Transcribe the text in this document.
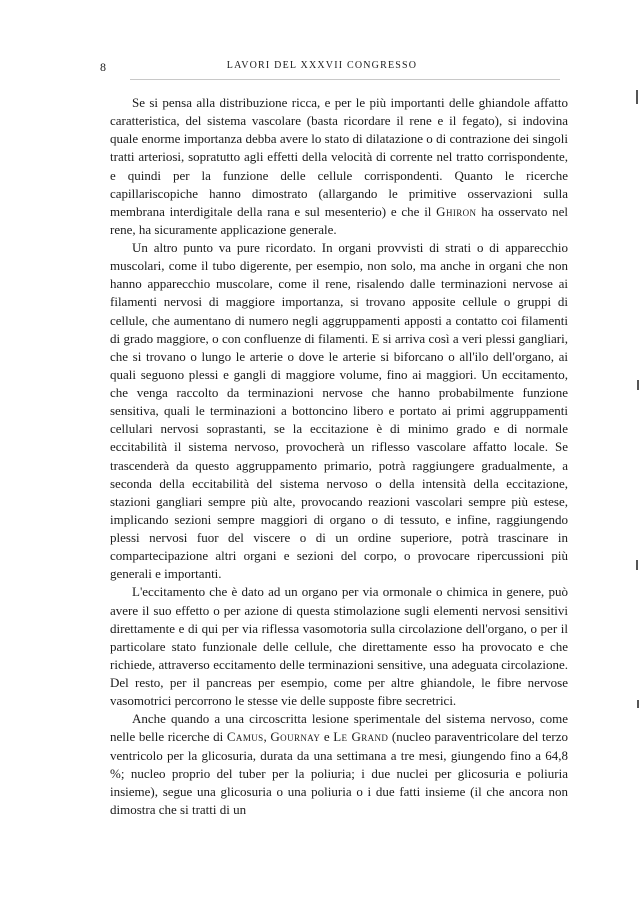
8	LAVORI DEL XXXVII CONGRESSO

Se si pensa alla distribuzione ricca, e per le più importanti delle ghiandole affatto caratteristica, del sistema vascolare (basta ricordare il rene e il fegato), si indovina quale enorme importanza debba avere lo stato di dilatazione o di contrazione dei singoli tratti arteriosi, sopratutto agli effetti della velocità di corrente nel tratto corrispondente, e quindi per la funzione delle cellule corrispondenti. Quanto le ricerche capillariscopiche hanno dimostrato (allargando le primitive osservazioni sulla membrana interdigitale della rana e sul mesenterio) e che il Ghiron ha osservato nel rene, ha sicuramente applicazione generale.

Un altro punto va pure ricordato. In organi provvisti di strati o di apparecchio muscolari, come il tubo digerente, per esempio, non solo, ma anche in organi che non hanno apparecchio muscolare, come il rene, risalendo dalle terminazioni nervose ai filamenti nervosi di maggiore importanza, si trovano apposite cellule o gruppi di cellule, che aumentano di numero negli aggruppamenti apposti a contatto coi filamenti di grado maggiore, o con confluenze di filamenti. E si arriva così a veri plessi gangliari, che si trovano o lungo le arterie o dove le arterie si biforcano o all'ilo dell'organo, ai quali seguono plessi e gangli di maggiore volume, fino ai maggiori. Un eccitamento, che venga raccolto da terminazioni nervose che hanno probabilmente funzione sensitiva, quali le terminazioni a bottoncino libero e portato ai primi aggruppamenti cellulari nervosi soprastanti, se la eccitazione è di minimo grado e di normale eccitabilità il sistema nervoso, provocherà un riflesso vascolare affatto locale. Se trascenderà da questo aggruppamento primario, potrà raggiungere gradualmente, a seconda della eccitabilità del sistema nervoso o della intensità della eccitazione, stazioni gangliari sempre più alte, provocando reazioni vascolari sempre più estese, implicando sezioni sempre maggiori di organo o di tessuto, e infine, raggiungendo plessi nervosi fuor del viscere o di un ordine superiore, potrà trascinare in compartecipazione altri organi e sezioni del corpo, o provocare ripercussioni più generali e importanti.

L'eccitamento che è dato ad un organo per via ormonale o chimica in genere, può avere il suo effetto o per azione di questa stimolazione sugli elementi nervosi sensitivi direttamente e di qui per via riflessa vasomotoria sulla circolazione dell'organo, o per il particolare stato funzionale delle cellule, che direttamente esso ha provocato e che richiede, attraverso eccitamento delle terminazioni sensitive, una adeguata circolazione. Del resto, per il pancreas per esempio, come per altre ghiandole, le fibre nervose vasomotrici percorrono le stesse vie delle supposte fibre secretrici.

Anche quando a una circoscritta lesione sperimentale del sistema nervoso, come nelle belle ricerche di Camus, Gournay e Le Grand (nucleo paraventricolare del terzo ventricolo per la glicosuria, durata da una settimana a tre mesi, giungendo fino a 64,8 %; nucleo proprio del tuber per la poliuria; i due nuclei per glicosuria e poliuria insieme), segue una glicosuria o una poliuria o i due fatti insieme (il che ancora non dimostra che si tratti di un
